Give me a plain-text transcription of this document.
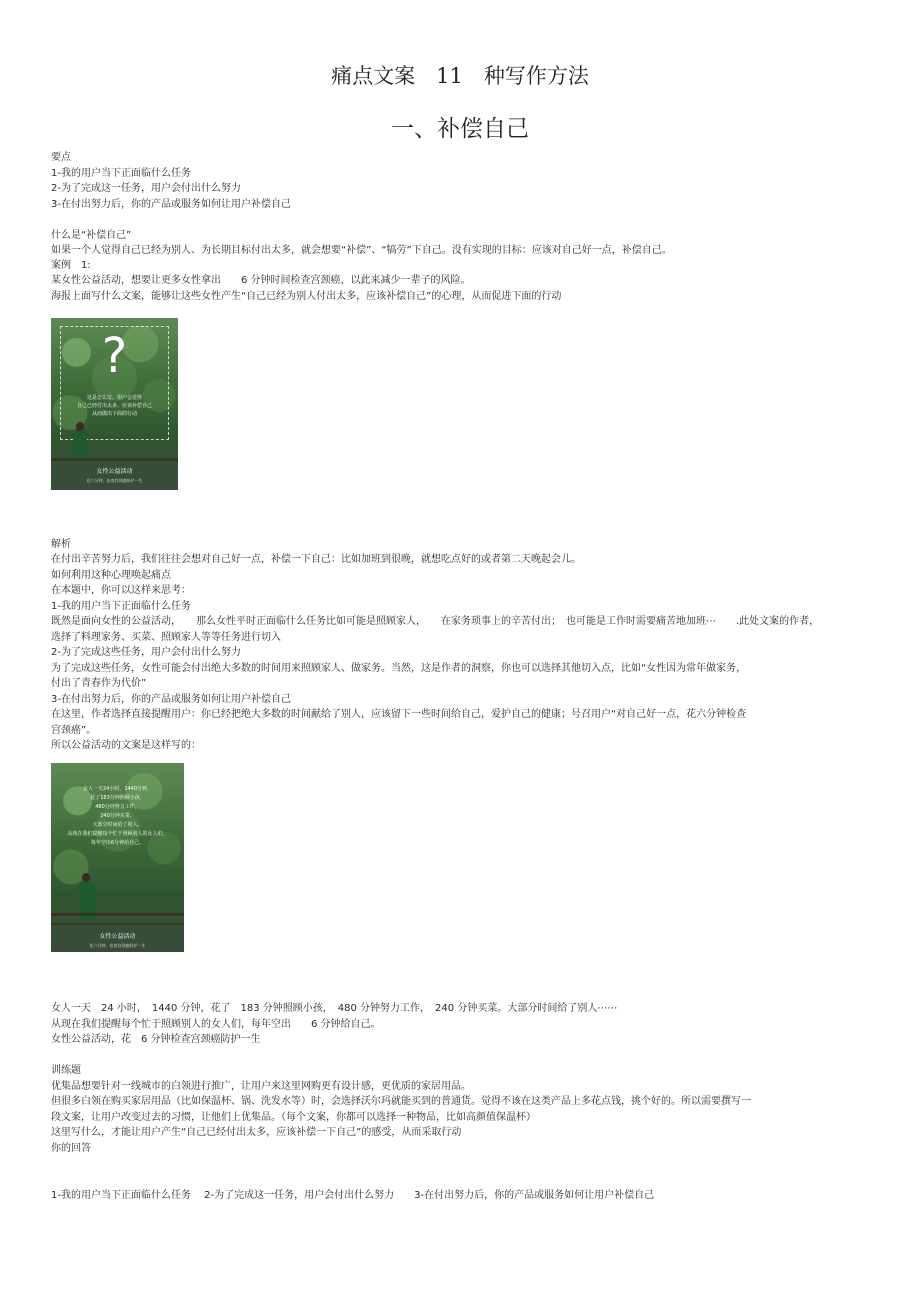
痛点文案　11　种写作方法
一、补偿自己
要点
1-我的用户当下正面临什么任务
2-为了完成这一任务，用户会付出什么努力
3-在付出努力后，你的产品或服务如何让用户补偿自己
什么是“补偿自己”
如果一个人觉得自己已经为别人、为长期目标付出太多，就会想要“补偿”、“犒劳”下自己。没有实现的目标：应该对自己好一点，补偿自己。
案例　1:
某女性公益活动，想要让更多女性拿出　　6 分钟时间检查宫颈癌，以此来减少一辈子的风险。
海报上面写什么文案，能够让这些女性产生“自己已经为别人付出太多，应该补偿自己”的心理，从而促进下面的行动
?
这是怎么写、用户会觉得
自己已经付出太多、应该补偿自己
从而做出下面的行动
女性公益活动
花六分钟，检查宫颈癌防护一生
解析
在付出辛苦努力后，我们往往会想对自己好一点，补偿一下自己：比如加班到很晚，就想吃点好的或者第二天晚起会儿。
如何利用这种心理唤起痛点
在本题中，你可以这样来思考：
1-我的用户当下正面临什么任务
既然是面向女性的公益活动，　　那么女性平时正面临什么任务比如可能是照顾家人，　　在家务琐事上的辛苦付出；　也可能是工作时需要痛苦地加班⋯　　.此处文案的作者，
选择了料理家务、买菜、照顾家人等等任务进行切入
2-为了完成这些任务，用户会付出什么努力
为了完成这些任务，女性可能会付出绝大多数的时间用来照顾家人、做家务。当然，这是作者的洞察，你也可以选择其他切入点，比如“女性因为常年做家务，
付出了青春作为代价”
3-在付出努力后，你的产品或服务如何让用户补偿自己
在这里，作者选择直接提醒用户：你已经把绝大多数的时间献给了别人，应该留下一些时间给自己，爱护自己的健康；号召用户“对自己好一点，花六分钟检查
宫颈癌”。
所以公益活动的文案是这样写的：
女人一天24小时，1440分钟，
花了183分钟照顾小孩，
480分钟努力工作，
240分钟买菜，
大部分时间给了别人。
从现在我们提醒每个忙于照顾别人的女人们，
每年空出6分钟给自己。
女性公益活动
花六分钟，检查宫颈癌防护一生
女人一天　24 小时，　1440 分钟，花了　183 分钟照顾小孩，　480 分钟努力工作，　240 分钟买菜。大部分时间给了别人⋯⋯
从现在我们提醒每个忙于照顾别人的女人们，每年空出　　6 分钟给自己。
女性公益活动，花　6 分钟检查宫颈癌防护一生
训练题
优集品想要针对一线城市的白领进行推广，让用户来这里网购更有设计感，更优质的家居用品。
但很多白领在购买家居用品（比如保温杯、锅、洗发水等）时，会选择沃尔玛就能买到的普通货。觉得不该在这类产品上多花点钱，挑个好的。所以需要撰写一
段文案，让用户改变过去的习惯，让他们上优集品。（每个文案，你都可以选择一种物品，比如高颜值保温杯）
这里写什么，才能让用户产生“自己已经付出太多，应该补偿一下自己”的感受，从而采取行动
你的回答
1-我的用户当下正面临什么任务　 2-为了完成这一任务，用户会付出什么努力　　3-在付出努力后，你的产品或服务如何让用户补偿自己
